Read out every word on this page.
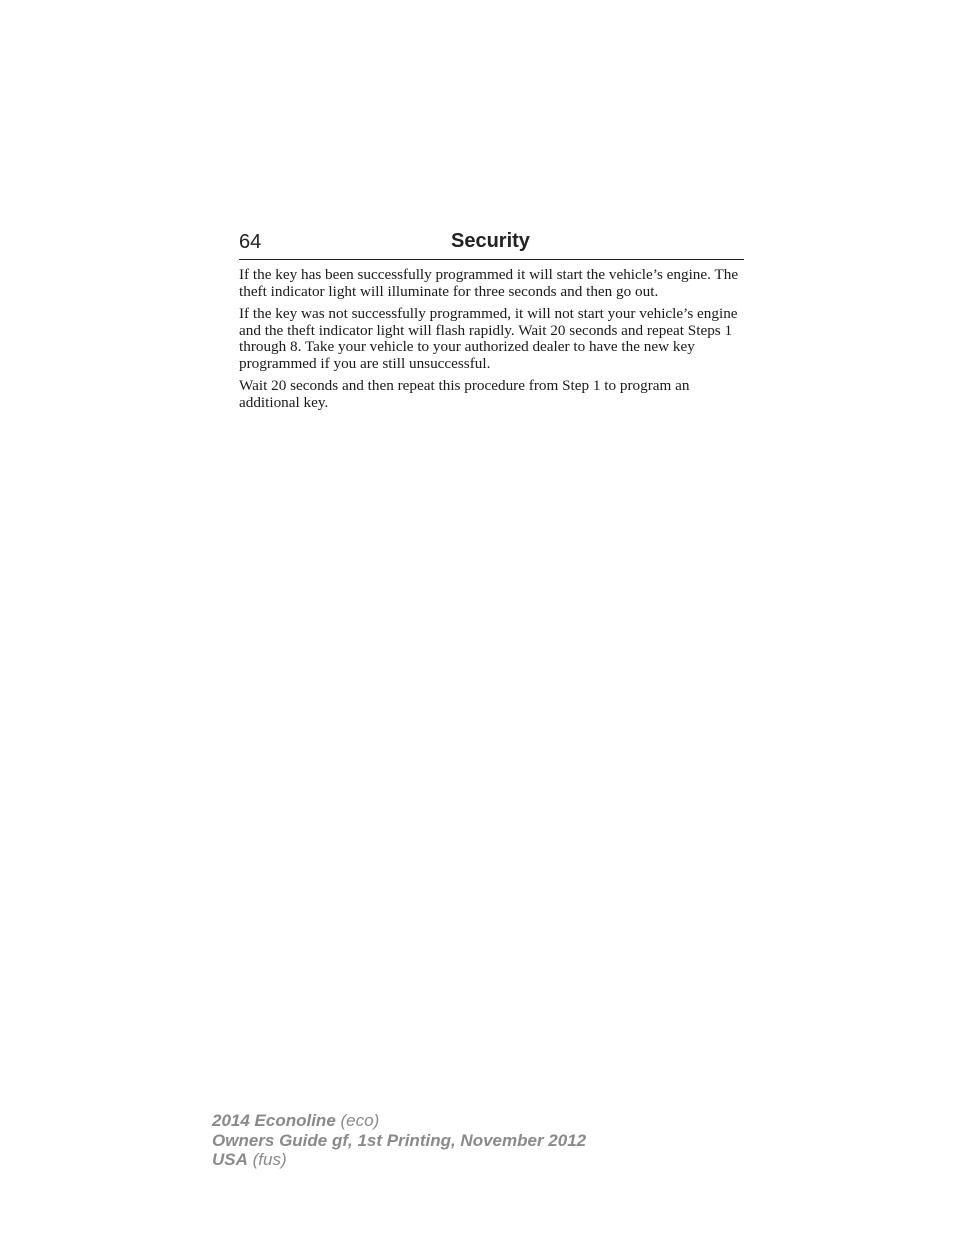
64	Security

If the key has been successfully programmed it will start the vehicle’s engine. The theft indicator light will illuminate for three seconds and then go out.

If the key was not successfully programmed, it will not start your vehicle’s engine and the theft indicator light will flash rapidly. Wait 20 seconds and repeat Steps 1 through 8. Take your vehicle to your authorized dealer to have the new key programmed if you are still unsuccessful.

Wait 20 seconds and then repeat this procedure from Step 1 to program an additional key.

2014 Econoline (eco)
Owners Guide gf, 1st Printing, November 2012
USA (fus)
